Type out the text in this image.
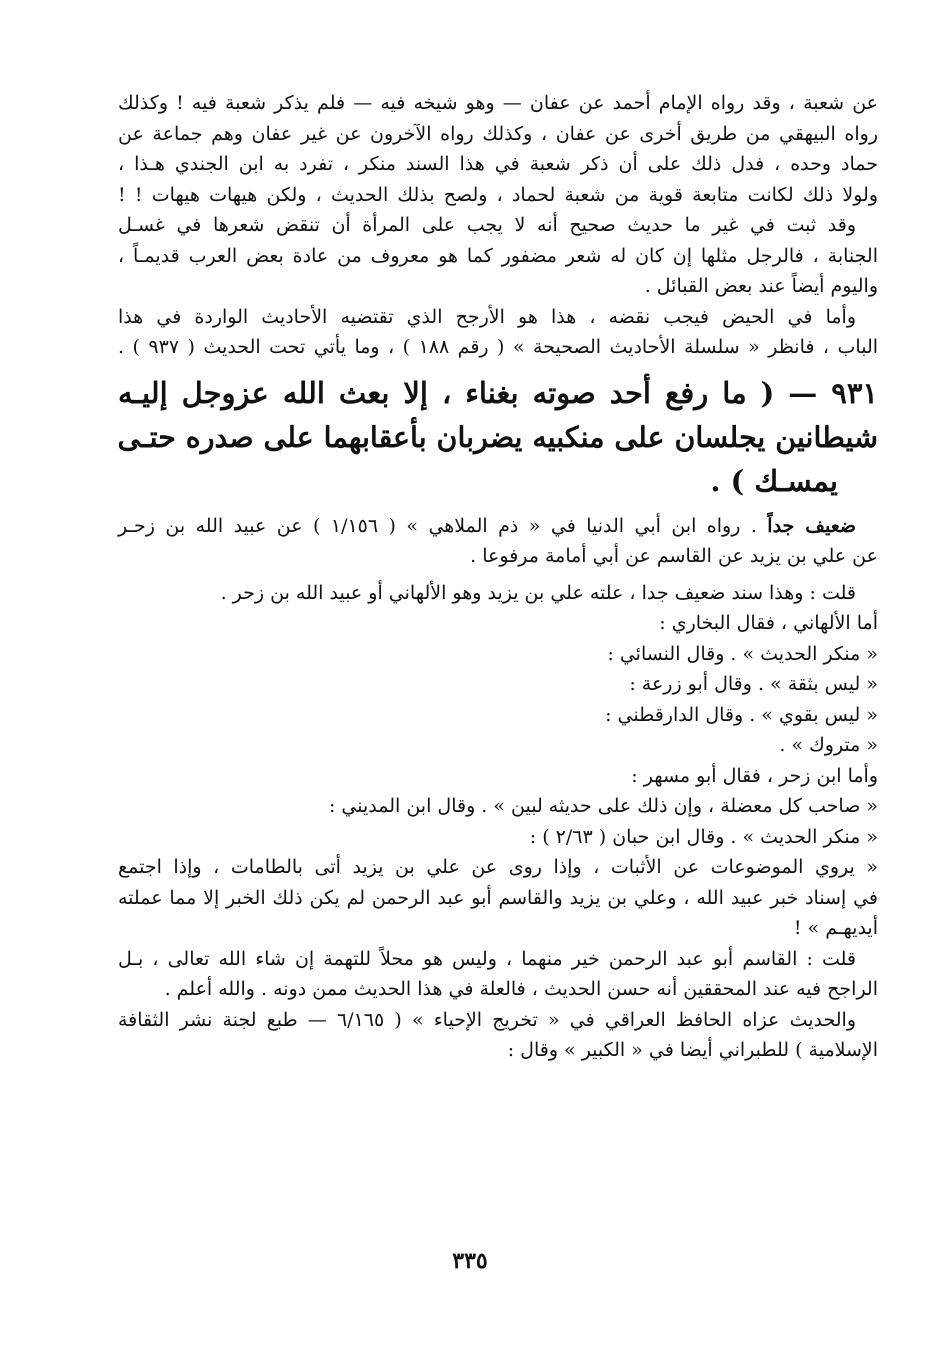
عن شعبة ، وقد رواه الإمام أحمد عن عفان — وهو شيخه فيه — فلم يذكر شعبة فيه ! وكذلك
رواه البيهقي من طريق أخرى عن عفان ، وكذلك رواه الآخرون عن غير عفان وهم جماعة عن
حماد وحده ، فدل ذلك على أن ذكر شعبة في هذا السند منكر ، تفرد به ابن الجندي هـذا ،
ولولا ذلك لكانت متابعة قوية من شعبة لحماد ، ولصح بذلك الحديث ، ولكن هيهات هيهات ! !
وقد ثبت في غير ما حديث صحيح أنه لا يجب على المرأة أن تنقض شعرها في غسـل
الجنابة ، فالرجل مثلها إن كان له شعر مضفور كما هو معروف من عادة بعض العرب قديمـاً ،
واليوم أيضاً عند بعض القبائل .
وأما في الحيض فيجب نقضه ، هذا هو الأرجح الذي تقتضيه الأحاديث الواردة في هذا
الباب ، فانظر « سلسلة الأحاديث الصحيحة » ( رقم ١٨٨ ) ، وما يأتي تحت الحديث ( ٩٣٧ ) .
٩٣١ — ( ما رفع أحد صوته بغناء ، إلا بعث الله عزوجل إليـه
شيطانين يجلسان على منكبيه يضربان بأعقابهما على صدره حتـى
يمسـك ) .
ضعيف جداً . رواه ابن أبي الدنيا في « ذم الملاهي » ( ١/١٥٦ ) عن عبيد الله بن زحـر
عن علي بن يزيد عن القاسم عن أبي أمامة مرفوعا .
قلت : وهذا سند ضعيف جدا ، علته علي بن يزيد وهو الألهاني أو عبيد الله بن زحر .
أما الألهاني ، فقال البخاري :
« منكر الحديث » . وقال النسائي :
« ليس بثقة » . وقال أبو زرعة :
« ليس بقوي » . وقال الدارقطني :
« متروك » .
وأما ابن زحر ، فقال أبو مسهر :
« صاحب كل معضلة ، وإن ذلك على حديثه لبين » . وقال ابن المديني :
« منكر الحديث » . وقال ابن حبان ( ٢/٦٣ ) :
« يروي الموضوعات عن الأثبات ، وإذا روى عن علي بن يزيد أتى بالطامات ، وإذا اجتمع
في إسناد خبر عبيد الله ، وعلي بن يزيد والقاسم أبو عبد الرحمن لم يكن ذلك الخبر إلا مما عملته
أيديهـم » !
قلت : القاسم أبو عبد الرحمن خير منهما ، وليس هو محلاً للتهمة إن شاء الله تعالى ، بـل
الراجح فيه عند المحققين أنه حسن الحديث ، فالعلة في هذا الحديث ممن دونه . والله أعلم .
والحديث عزاه الحافظ العراقي في « تخريج الإحياء » ( ٦/١٦٥ — طبع لجنة نشر الثقافة
الإسلامية ) للطبراني أيضا في « الكبير » وقال :
٣٣٥
